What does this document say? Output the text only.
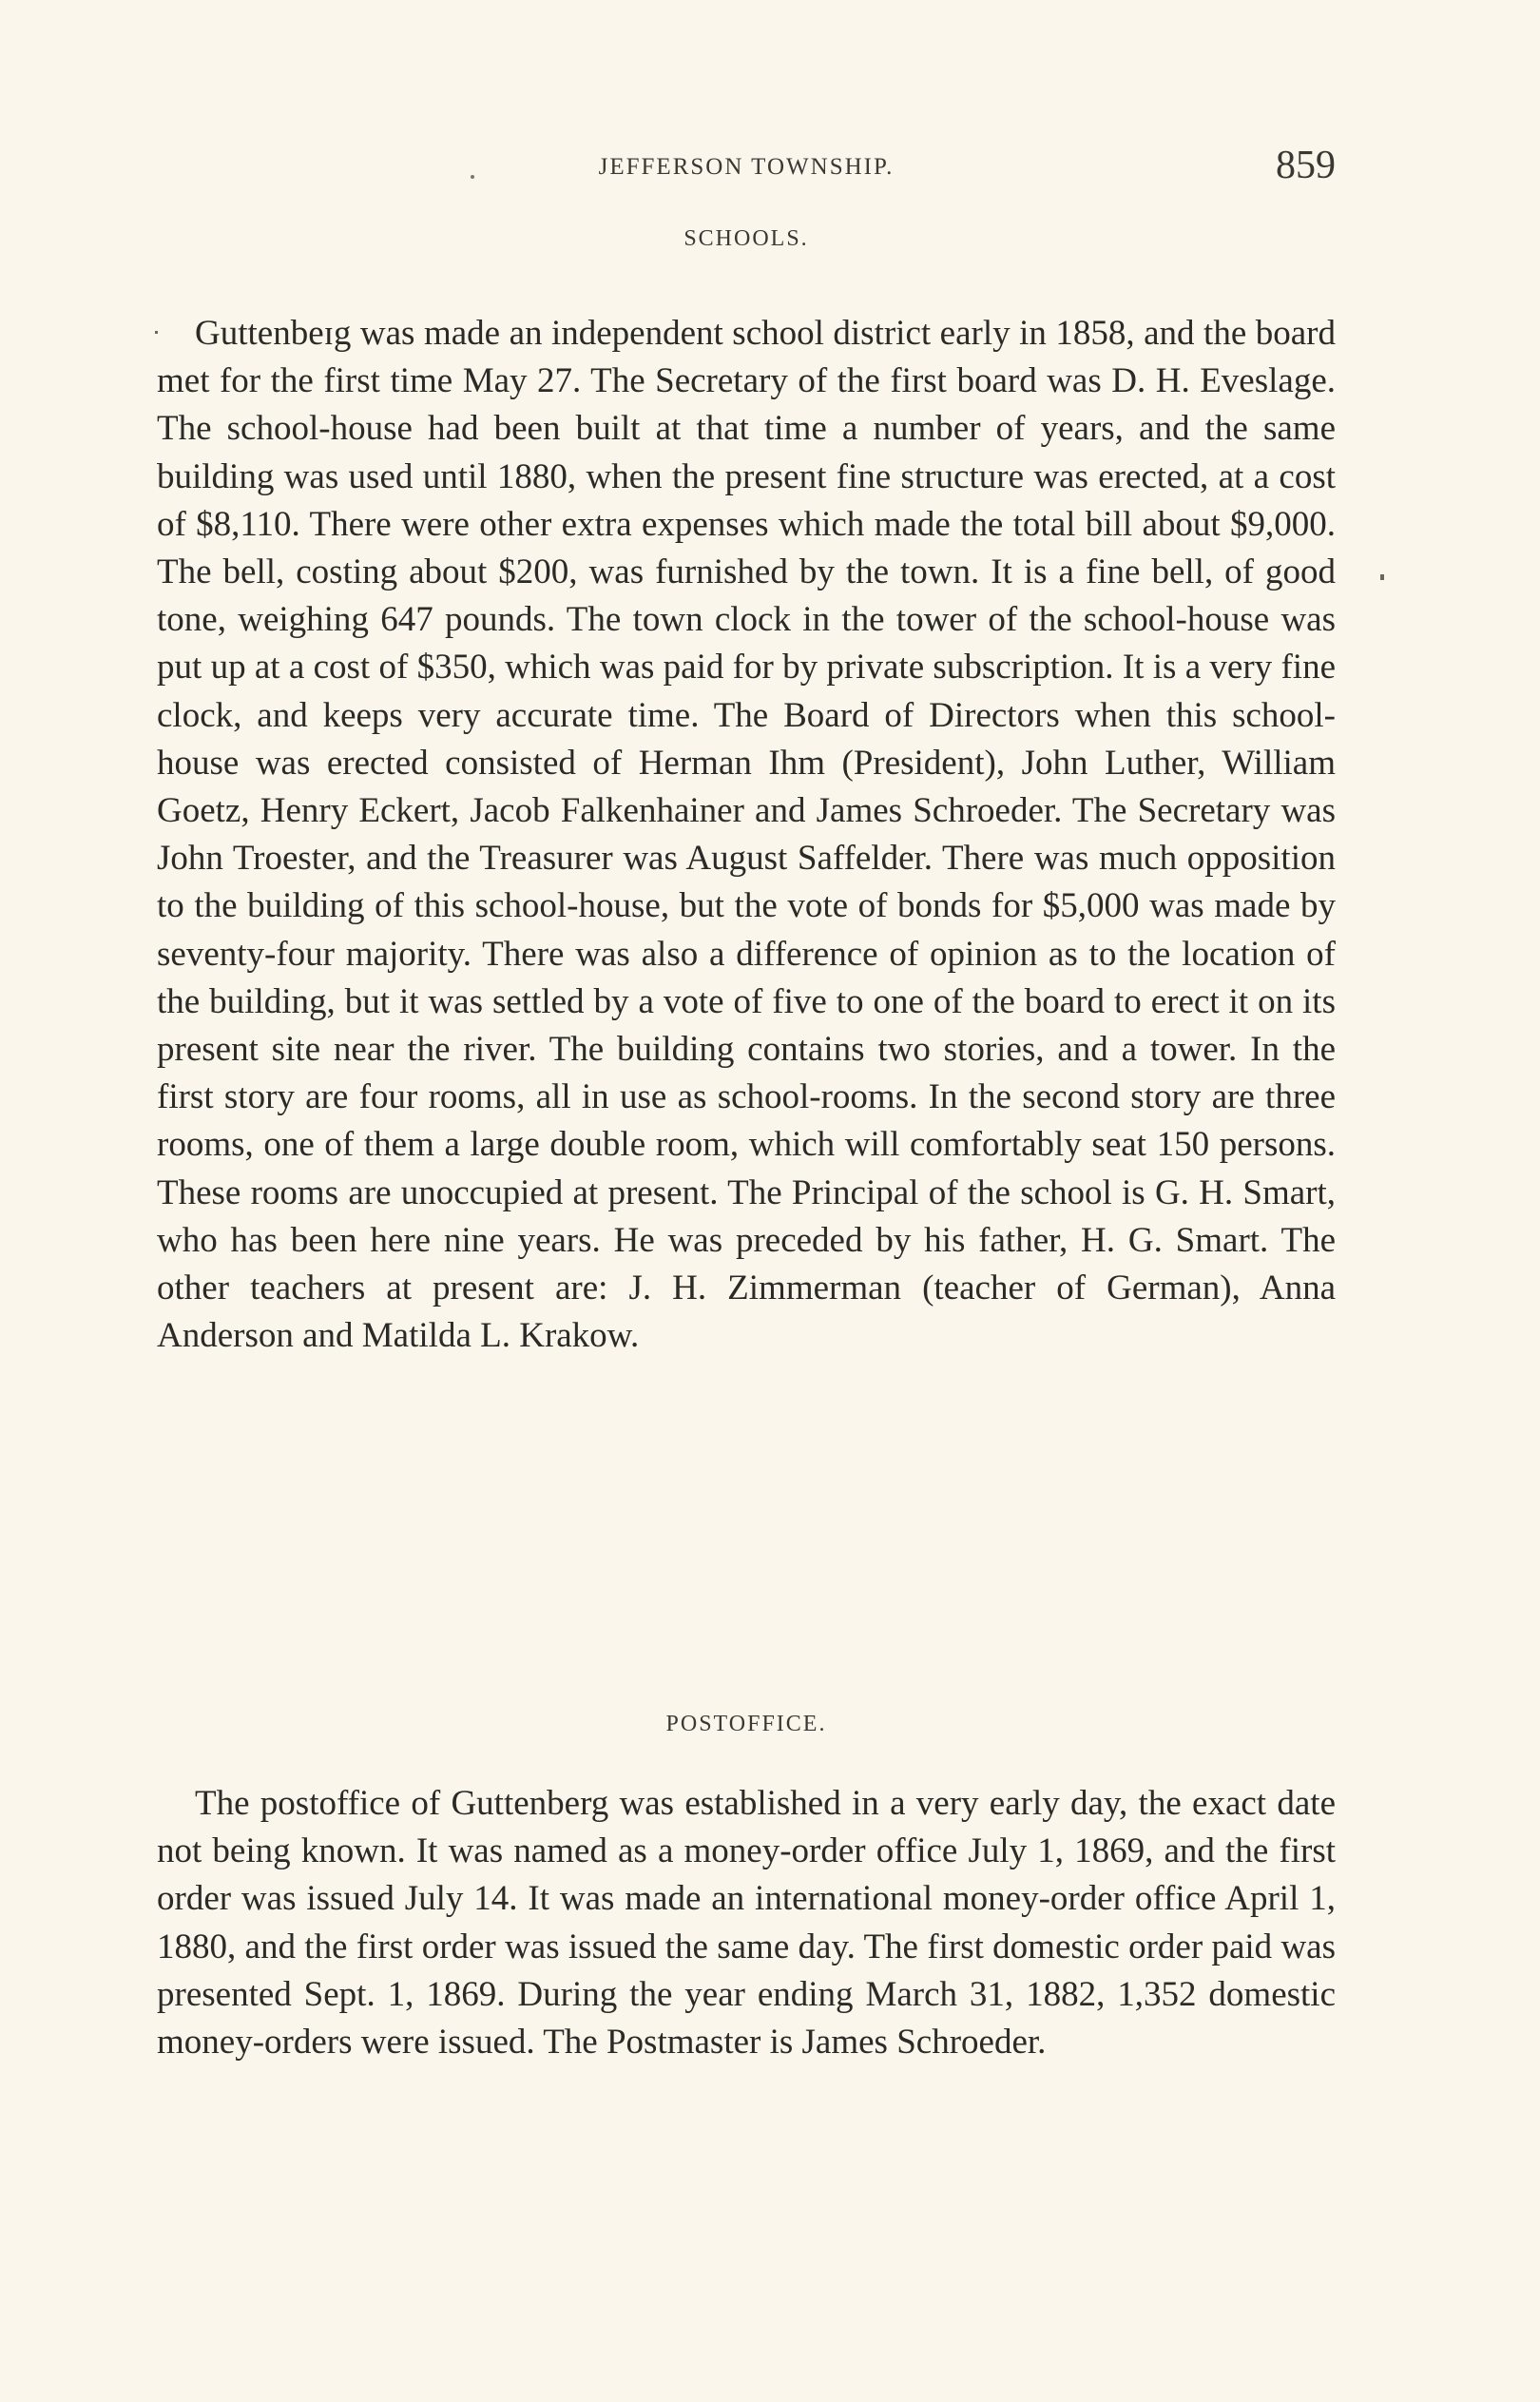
JEFFERSON TOWNSHIP.	859
SCHOOLS.

Guttenbeɪg was made an independent school district early in 1858, and the board met for the first time May 27. The Secretary of the first board was D. H. Eveslage. The school-house had been built at that time a number of years, and the same building was used until 1880, when the present fine structure was erected, at a cost of $8,110. There were other extra expenses which made the total bill about $9,000. The bell, costing about $200, was furnished by the town. It is a fine bell, of good tone, weighing 647 pounds. The town clock in the tower of the school-house was put up at a cost of $350, which was paid for by private subscription. It is a very fine clock, and keeps very accurate time. The Board of Directors when this school-house was erected consisted of Herman Ihm (President), John Luther, William Goetz, Henry Eckert, Jacob Falkenhainer and James Schroeder. The Secretary was John Troester, and the Treasurer was August Saffelder. There was much opposition to the building of this school-house, but the vote of bonds for $5,000 was made by seventy-four majority. There was also a difference of opinion as to the location of the building, but it was settled by a vote of five to one of the board to erect it on its present site near the river. The building contains two stories, and a tower. In the first story are four rooms, all in use as school-rooms. In the second story are three rooms, one of them a large double room, which will comfortably seat 150 persons. These rooms are unoccupied at present. The Principal of the school is G. H. Smart, who has been here nine years. He was preceded by his father, H. G. Smart. The other teachers at present are: J. H. Zimmerman (teacher of German), Anna Anderson and Matilda L. Krakow.

POSTOFFICE.

The postoffice of Guttenberg was established in a very early day, the exact date not being known. It was named as a money-order office July 1, 1869, and the first order was issued July 14. It was made an international money-order office April 1, 1880, and the first order was issued the same day. The first domestic order paid was presented Sept. 1, 1869. During the year ending March 31, 1882, 1,352 domestic money-orders were issued. The Postmaster is James Schroeder.
